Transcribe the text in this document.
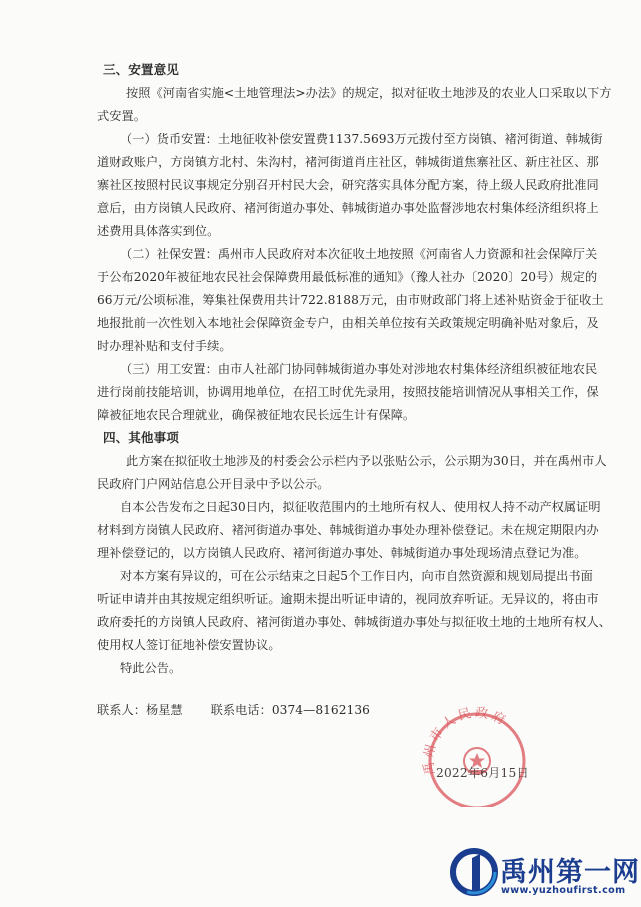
三、安置意见
按照《河南省实施<土地管理法>办法》的规定，拟对征收土地涉及的农业人口采取以下方
式安置。
（一）货币安置：土地征收补偿安置费1137.5693万元拨付至方岗镇、褚河街道、韩城街
道财政账户，方岗镇方北村、朱沟村，褚河街道肖庄社区，韩城街道焦寨社区、新庄社区、那
寨社区按照村民议事规定分别召开村民大会，研究落实具体分配方案，待上级人民政府批准同
意后，由方岗镇人民政府、褚河街道办事处、韩城街道办事处监督涉地农村集体经济组织将上
述费用具体落实到位。
（二）社保安置：禹州市人民政府对本次征收土地按照《河南省人力资源和社会保障厅关
于公布2020年被征地农民社会保障费用最低标准的通知》（豫人社办〔2020〕20号）规定的
66万元/公顷标准，筹集社保费用共计722.8188万元，由市财政部门将上述补贴资金于征收土
地报批前一次性划入本地社会保障资金专户，由相关单位按有关政策规定明确补贴对象后，及
时办理补贴和支付手续。
（三）用工安置：由市人社部门协同韩城街道办事处对涉地农村集体经济组织被征地农民
进行岗前技能培训，协调用地单位，在招工时优先录用，按照技能培训情况从事相关工作，保
障被征地农民合理就业，确保被征地农民长远生计有保障。
四、其他事项
此方案在拟征收土地涉及的村委会公示栏内予以张贴公示，公示期为30日，并在禹州市人
民政府门户网站信息公开目录中予以公示。
自本公告发布之日起30日内，拟征收范围内的土地所有权人、使用权人持不动产权属证明
材料到方岗镇人民政府、褚河街道办事处、韩城街道办事处办理补偿登记。未在规定期限内办
理补偿登记的，以方岗镇人民政府、褚河街道办事处、韩城街道办事处现场清点登记为准。
对本方案有异议的，可在公示结束之日起5个工作日内，向市自然资源和规划局提出书面
听证申请并由其按规定组织听证。逾期未提出听证申请的，视同放弃听证。无异议的，将由市
政府委托的方岗镇人民政府、褚河街道办事处、韩城街道办事处与拟征收土地的土地所有权人、
使用权人签订征地补偿安置协议。
特此公告。
联系人：杨星慧 联系电话：0374—8162136
禹州市人民政府
2022年6月15日
禹州第一网
www.yuzhoufirst.com
